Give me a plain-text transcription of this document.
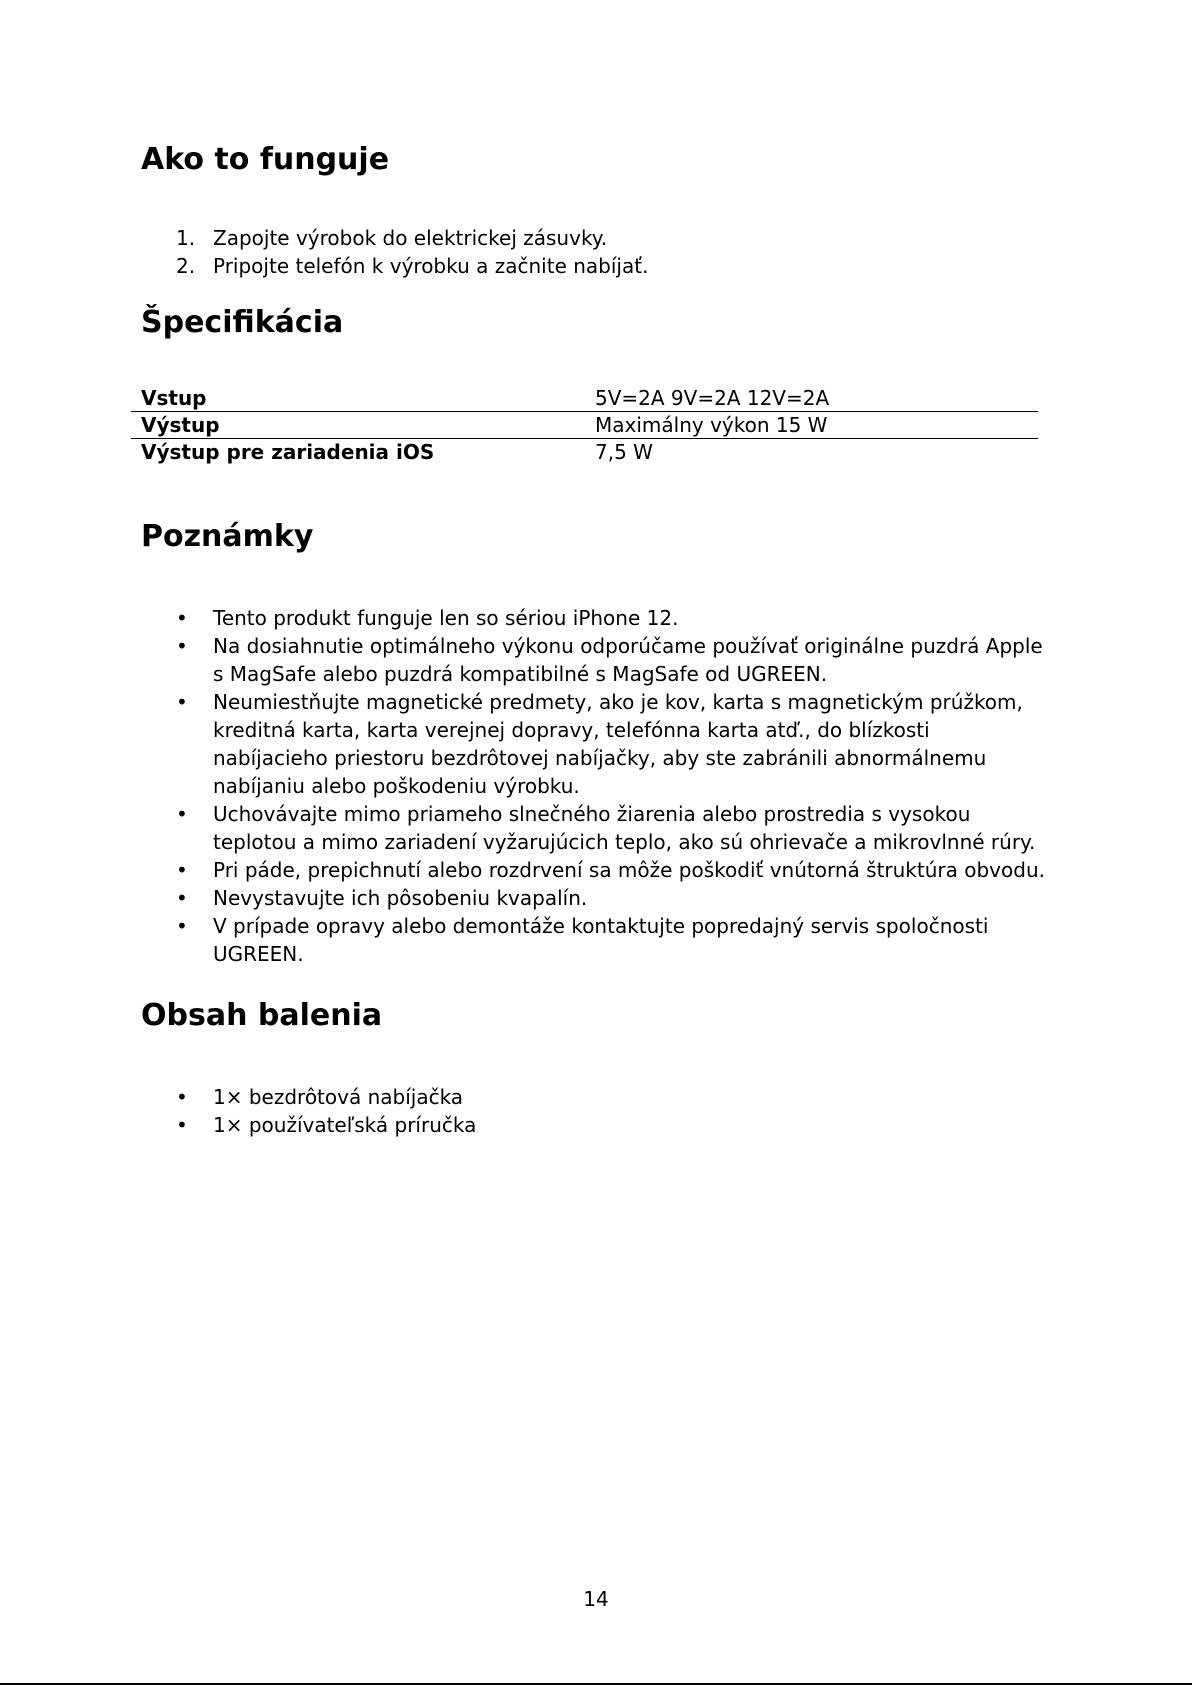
Ako to funguje
1. Zapojte výrobok do elektrickej zásuvky.
2. Pripojte telefón k výrobku a začnite nabíjať.
Špecifikácia
Vstup	5V=2A 9V=2A 12V=2A
Výstup	Maximálny výkon 15 W
Výstup pre zariadenia iOS	7,5 W
Poznámky
• Tento produkt funguje len so sériou iPhone 12.
• Na dosiahnutie optimálneho výkonu odporúčame používať originálne puzdrá Apple s MagSafe alebo puzdrá kompatibilné s MagSafe od UGREEN.
• Neumiestňujte magnetické predmety, ako je kov, karta s magnetickým prúžkom, kreditná karta, karta verejnej dopravy, telefónna karta atď., do blízkosti nabíjacieho priestoru bezdrôtovej nabíjačky, aby ste zabránili abnormálnemu nabíjaniu alebo poškodeniu výrobku.
• Uchovávajte mimo priameho slnečného žiarenia alebo prostredia s vysokou teplotou a mimo zariadení vyžarujúcich teplo, ako sú ohrievače a mikrovlnné rúry.
• Pri páde, prepichnutí alebo rozdrvení sa môže poškodiť vnútorná štruktúra obvodu.
• Nevystavujte ich pôsobeniu kvapalín.
• V prípade opravy alebo demontáže kontaktujte popredajný servis spoločnosti UGREEN.
Obsah balenia
• 1× bezdrôtová nabíjačka
• 1× používateľská príručka
14
